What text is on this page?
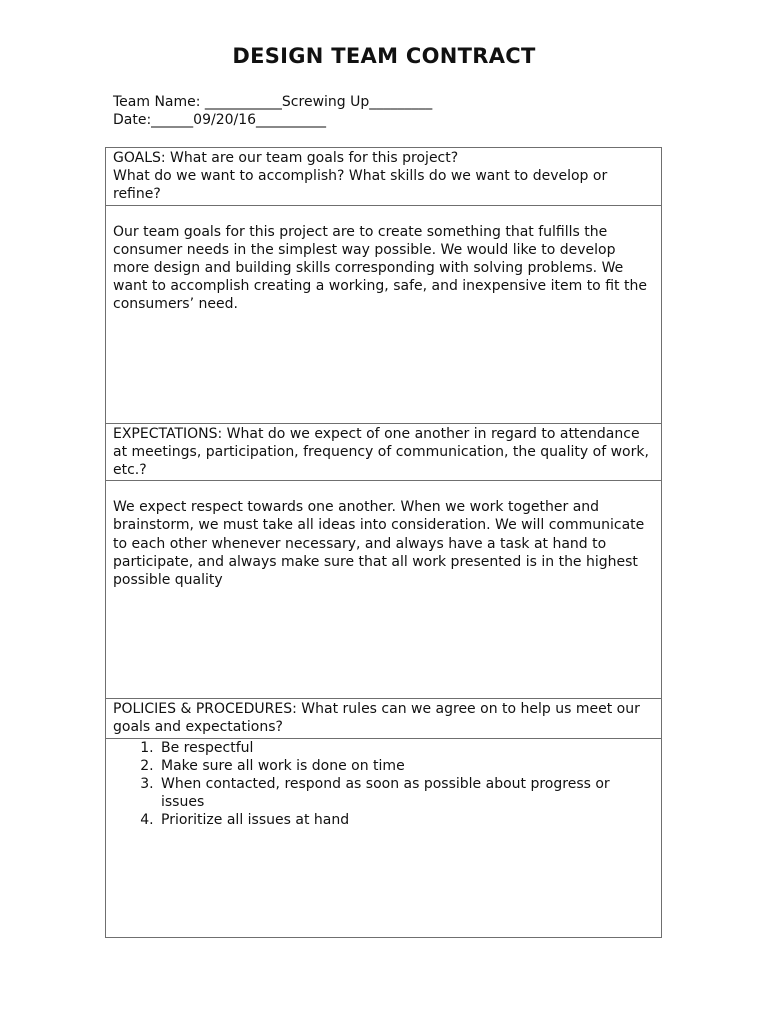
DESIGN TEAM CONTRACT
Team Name: ___________Screwing Up_________
Date:______09/20/16__________
GOALS: What are our team goals for this project?
What do we want to accomplish? What skills do we want to develop or refine?

Our team goals for this project are to create something that fulfills the consumer needs in the simplest way possible. We would like to develop more design and building skills corresponding with solving problems. We want to accomplish creating a working, safe, and inexpensive item to fit the consumers’ need.
EXPECTATIONS: What do we expect of one another in regard to attendance at meetings, participation, frequency of communication, the quality of work, etc.?
We expect respect towards one another. When we work together and brainstorm, we must take all ideas into consideration. We will communicate to each other whenever necessary, and always have a task at hand to participate, and always make sure that all work presented is in the highest possible quality
POLICIES & PROCEDURES: What rules can we agree on to help us meet our goals and expectations?

1. Be respectful
2. Make sure all work is done on time
3. When contacted, respond as soon as possible about progress or issues
4. Prioritize all issues at hand
